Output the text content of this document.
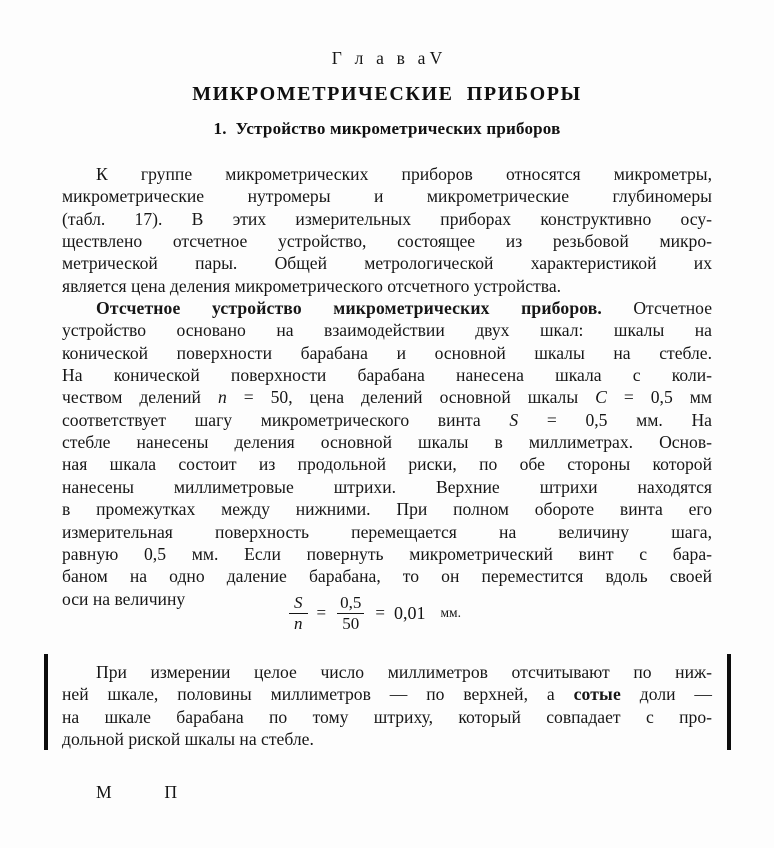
Г л а в аV
МИКРОМЕТРИЧЕСКИЕ  ПРИБОРЫ
1.  Устройство микрометрических приборов

К группе микрометрических приборов относятся микрометры,
микрометрические нутромеры и микрометрические глубиномеры
(табл. 17). В этих измерительных приборах конструктивно осу-
ществлено отсчетное устройство, состоящее из резьбовой микро-
метрической пары. Общей метрологической характеристикой их
является цена деления микрометрического отсчетного устройства.

Отсчетное устройство микрометрических приборов. Отсчетное
устройство основано на взаимодействии двух шкал: шкалы на
конической поверхности барабана и основной шкалы на стебле.
На конической поверхности барабана нанесена шкала с коли-
чеством делений n = 50, цена делений основной шкалы C = 0,5 мм
соответствует шагу микрометрического винта S = 0,5 мм. На
стебле нанесены деления основной шкалы в миллиметрах. Основ-
ная шкала состоит из продольной риски, по обе стороны которой
нанесены миллиметровые штрихи. Верхние штрихи находятся
в промежутках между нижними. При полном обороте винта его
измерительная поверхность перемещается на величину шага,
равную 0,5 мм. Если повернуть микрометрический винт с бара-
баном на одно даление барабана, то он переместится вдоль своей
оси на величину	$\frac{S}{n} = \frac{0,5}{50} = 0,01$	мм.

При измерении целое число миллиметров отсчитывают по ниж-
ней шкале, половины миллиметров — по верхней, а сотые доли —
на шкале барабана по тому штриху, который совпадает с про-
дольной риской шкалы на стебле.

М            П
